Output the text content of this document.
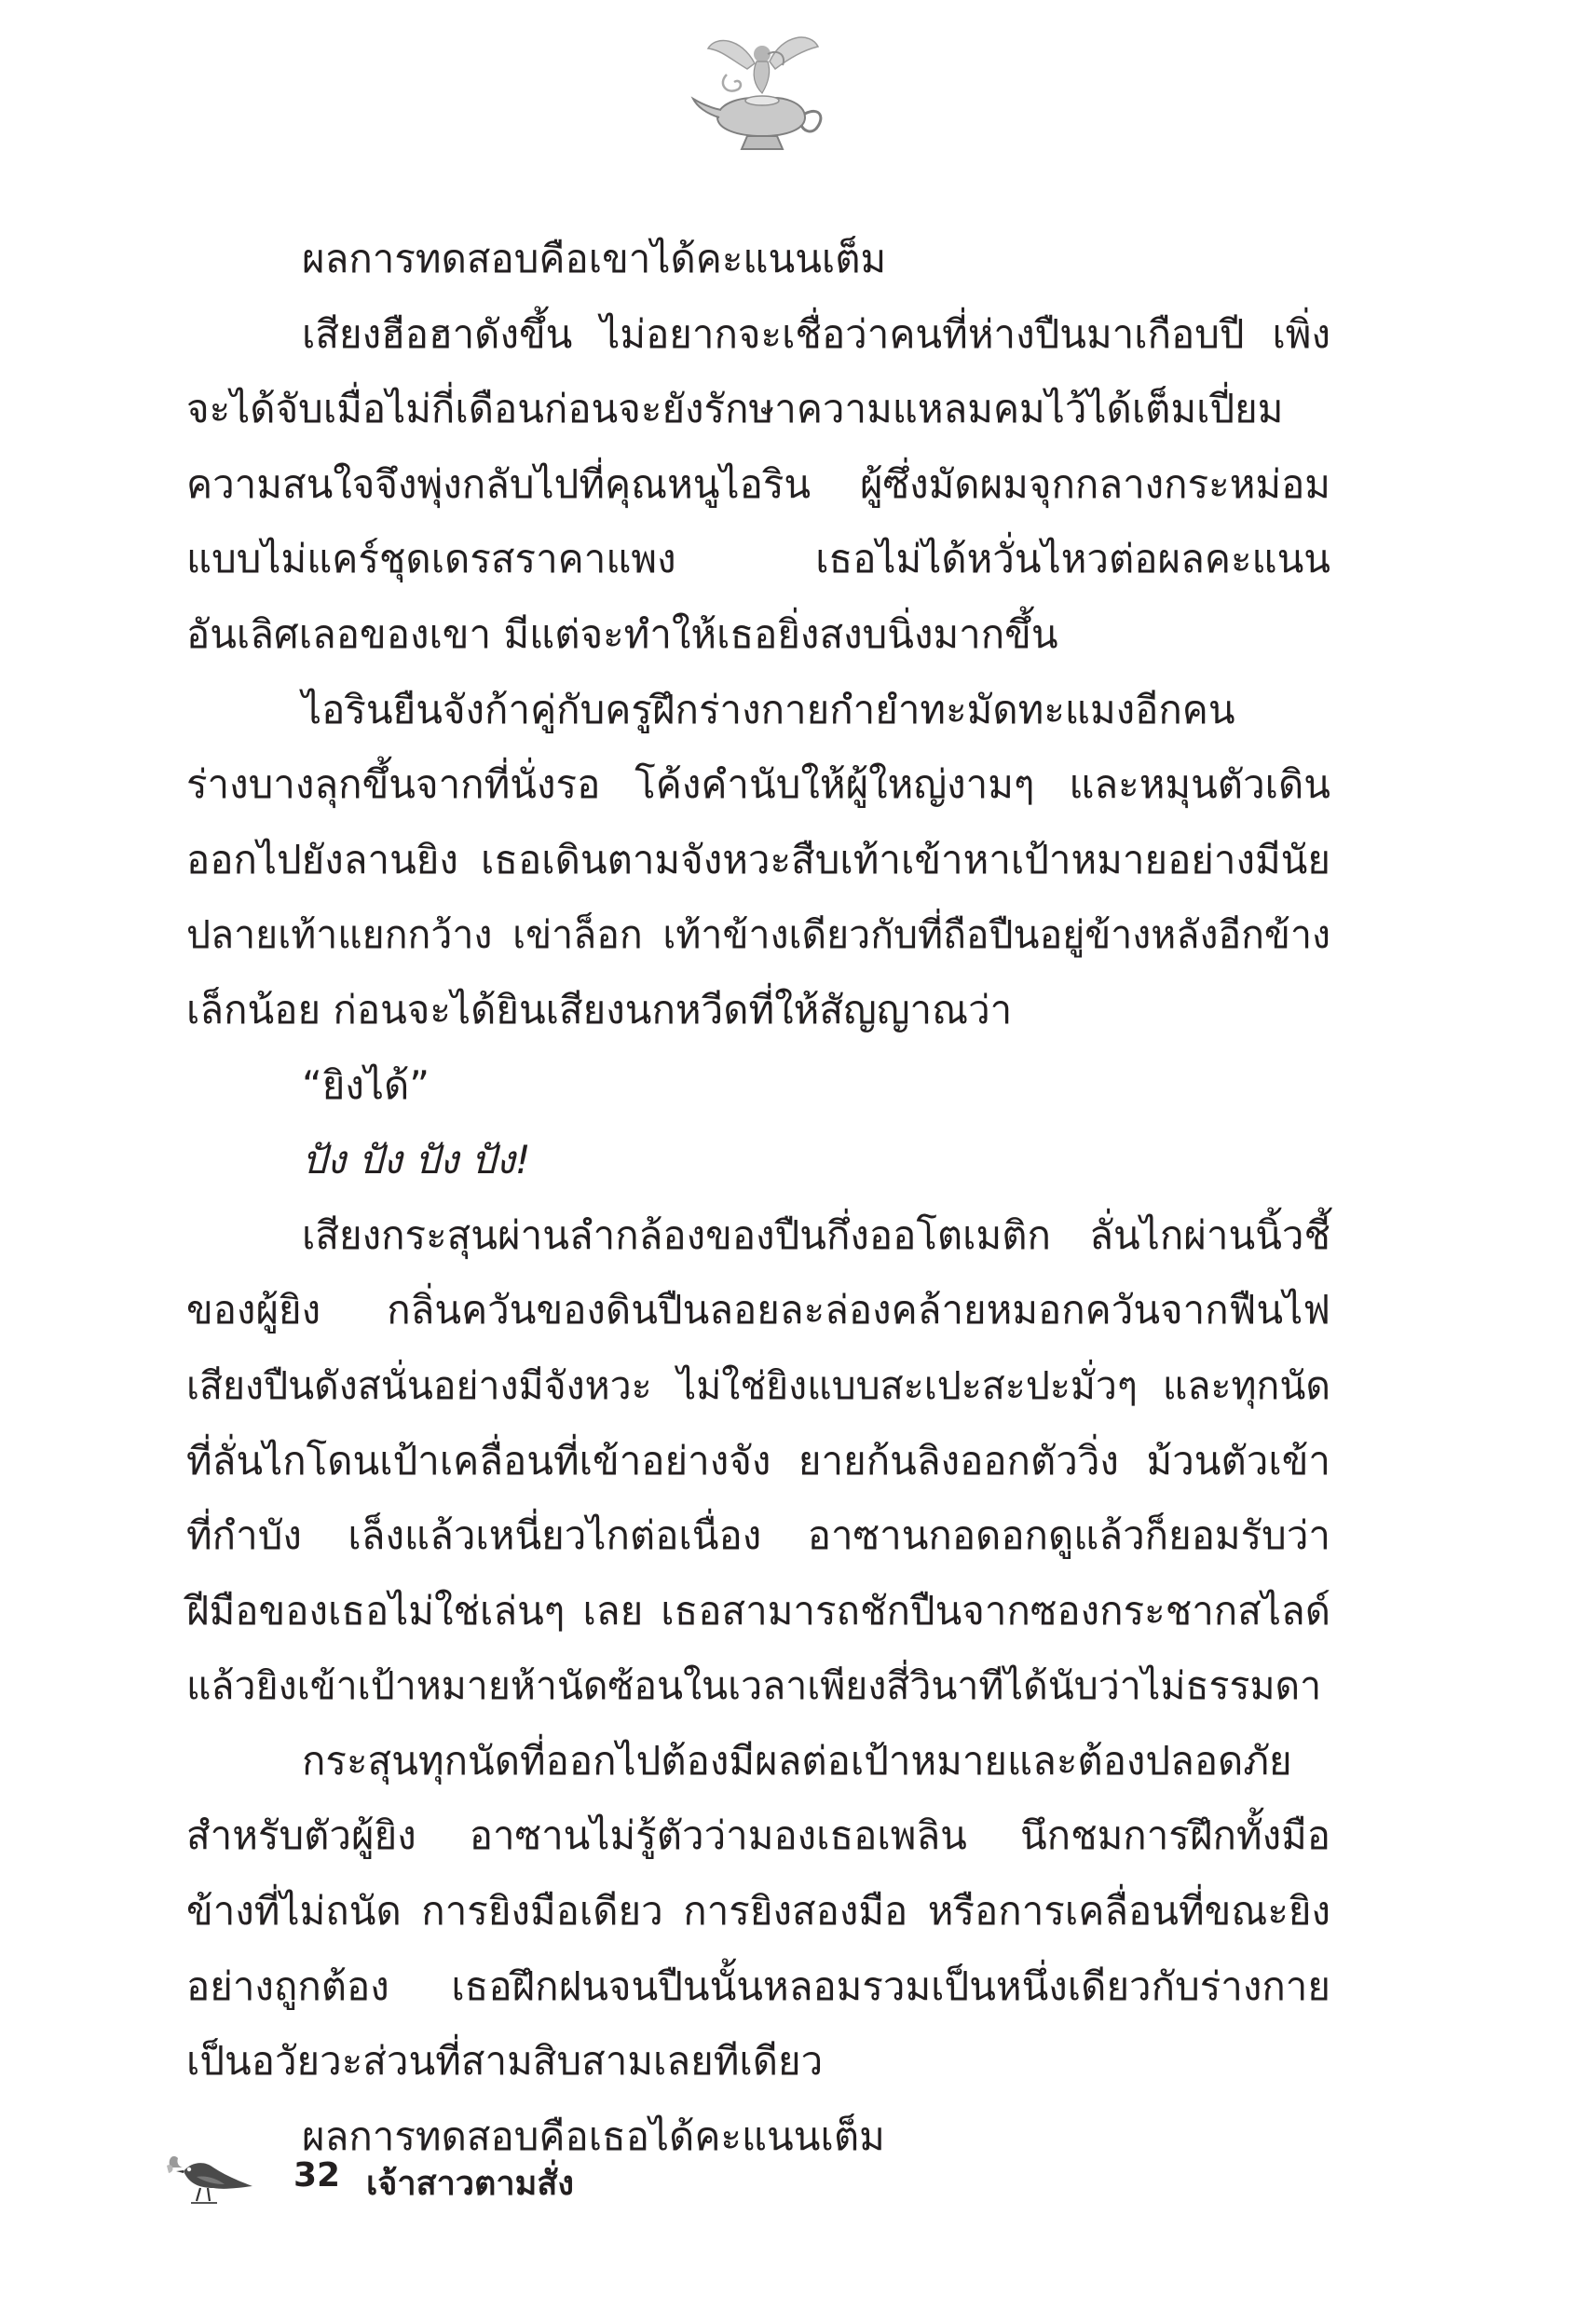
ผลการทดสอบคือเขาได้คะแนนเต็ม

เสียงฮือฮาดังขึ้น ไม่อยากจะเชื่อว่าคนที่ห่างปืนมาเกือบปี เพิ่ง

จะได้จับเมื่อไม่กี่เดือนก่อนจะยังรักษาความแหลมคมไว้ได้เต็มเปี่ยม

ความสนใจจึงพุ่งกลับไปที่คุณหนูไอริน ผู้ซึ่งมัดผมจุกกลางกระหม่อม

แบบไม่แคร์ชุดเดรสราคาแพง เธอไม่ได้หวั่นไหวต่อผลคะแนน

อันเลิศเลอของเขา มีแต่จะทำให้เธอยิ่งสงบนิ่งมากขึ้น

ไอรินยืนจังก้าคู่กับครูฝึกร่างกายกำยำทะมัดทะแมงอีกคน

ร่างบางลุกขึ้นจากที่นั่งรอ โค้งคำนับให้ผู้ใหญ่งามๆ และหมุนตัวเดิน

ออกไปยังลานยิง เธอเดินตามจังหวะสืบเท้าเข้าหาเป้าหมายอย่างมีนัย

ปลายเท้าแยกกว้าง เข่าล็อก เท้าข้างเดียวกับที่ถือปืนอยู่ข้างหลังอีกข้าง

เล็กน้อย ก่อนจะได้ยินเสียงนกหวีดที่ให้สัญญาณว่า

“ยิงได้”

ปัง ปัง ปัง ปัง!

เสียงกระสุนผ่านลำกล้องของปืนกึ่งออโตเมติก ลั่นไกผ่านนิ้วชี้

ของผู้ยิง กลิ่นควันของดินปืนลอยละล่องคล้ายหมอกควันจากฟืนไฟ

เสียงปืนดังสนั่นอย่างมีจังหวะ ไม่ใช่ยิงแบบสะเปะสะปะมั่วๆ และทุกนัด

ที่ลั่นไกโดนเป้าเคลื่อนที่เข้าอย่างจัง ยายก้นลิงออกตัววิ่ง ม้วนตัวเข้า

ที่กำบัง เล็งแล้วเหนี่ยวไกต่อเนื่อง อาซานกอดอกดูแล้วก็ยอมรับว่า

ฝีมือของเธอไม่ใช่เล่นๆ เลย เธอสามารถชักปืนจากซองกระชากสไลด์

แล้วยิงเข้าเป้าหมายห้านัดซ้อนในเวลาเพียงสี่วินาทีได้นับว่าไม่ธรรมดา

กระสุนทุกนัดที่ออกไปต้องมีผลต่อเป้าหมายและต้องปลอดภัย

สำหรับตัวผู้ยิง อาซานไม่รู้ตัวว่ามองเธอเพลิน นึกชมการฝึกทั้งมือ

ข้างที่ไม่ถนัด การยิงมือเดียว การยิงสองมือ หรือการเคลื่อนที่ขณะยิง

อย่างถูกต้อง เธอฝึกฝนจนปืนนั้นหลอมรวมเป็นหนึ่งเดียวกับร่างกาย

เป็นอวัยวะส่วนที่สามสิบสามเลยทีเดียว

ผลการทดสอบคือเธอได้คะแนนเต็ม

32 เจ้าสาวตามสั่ง
